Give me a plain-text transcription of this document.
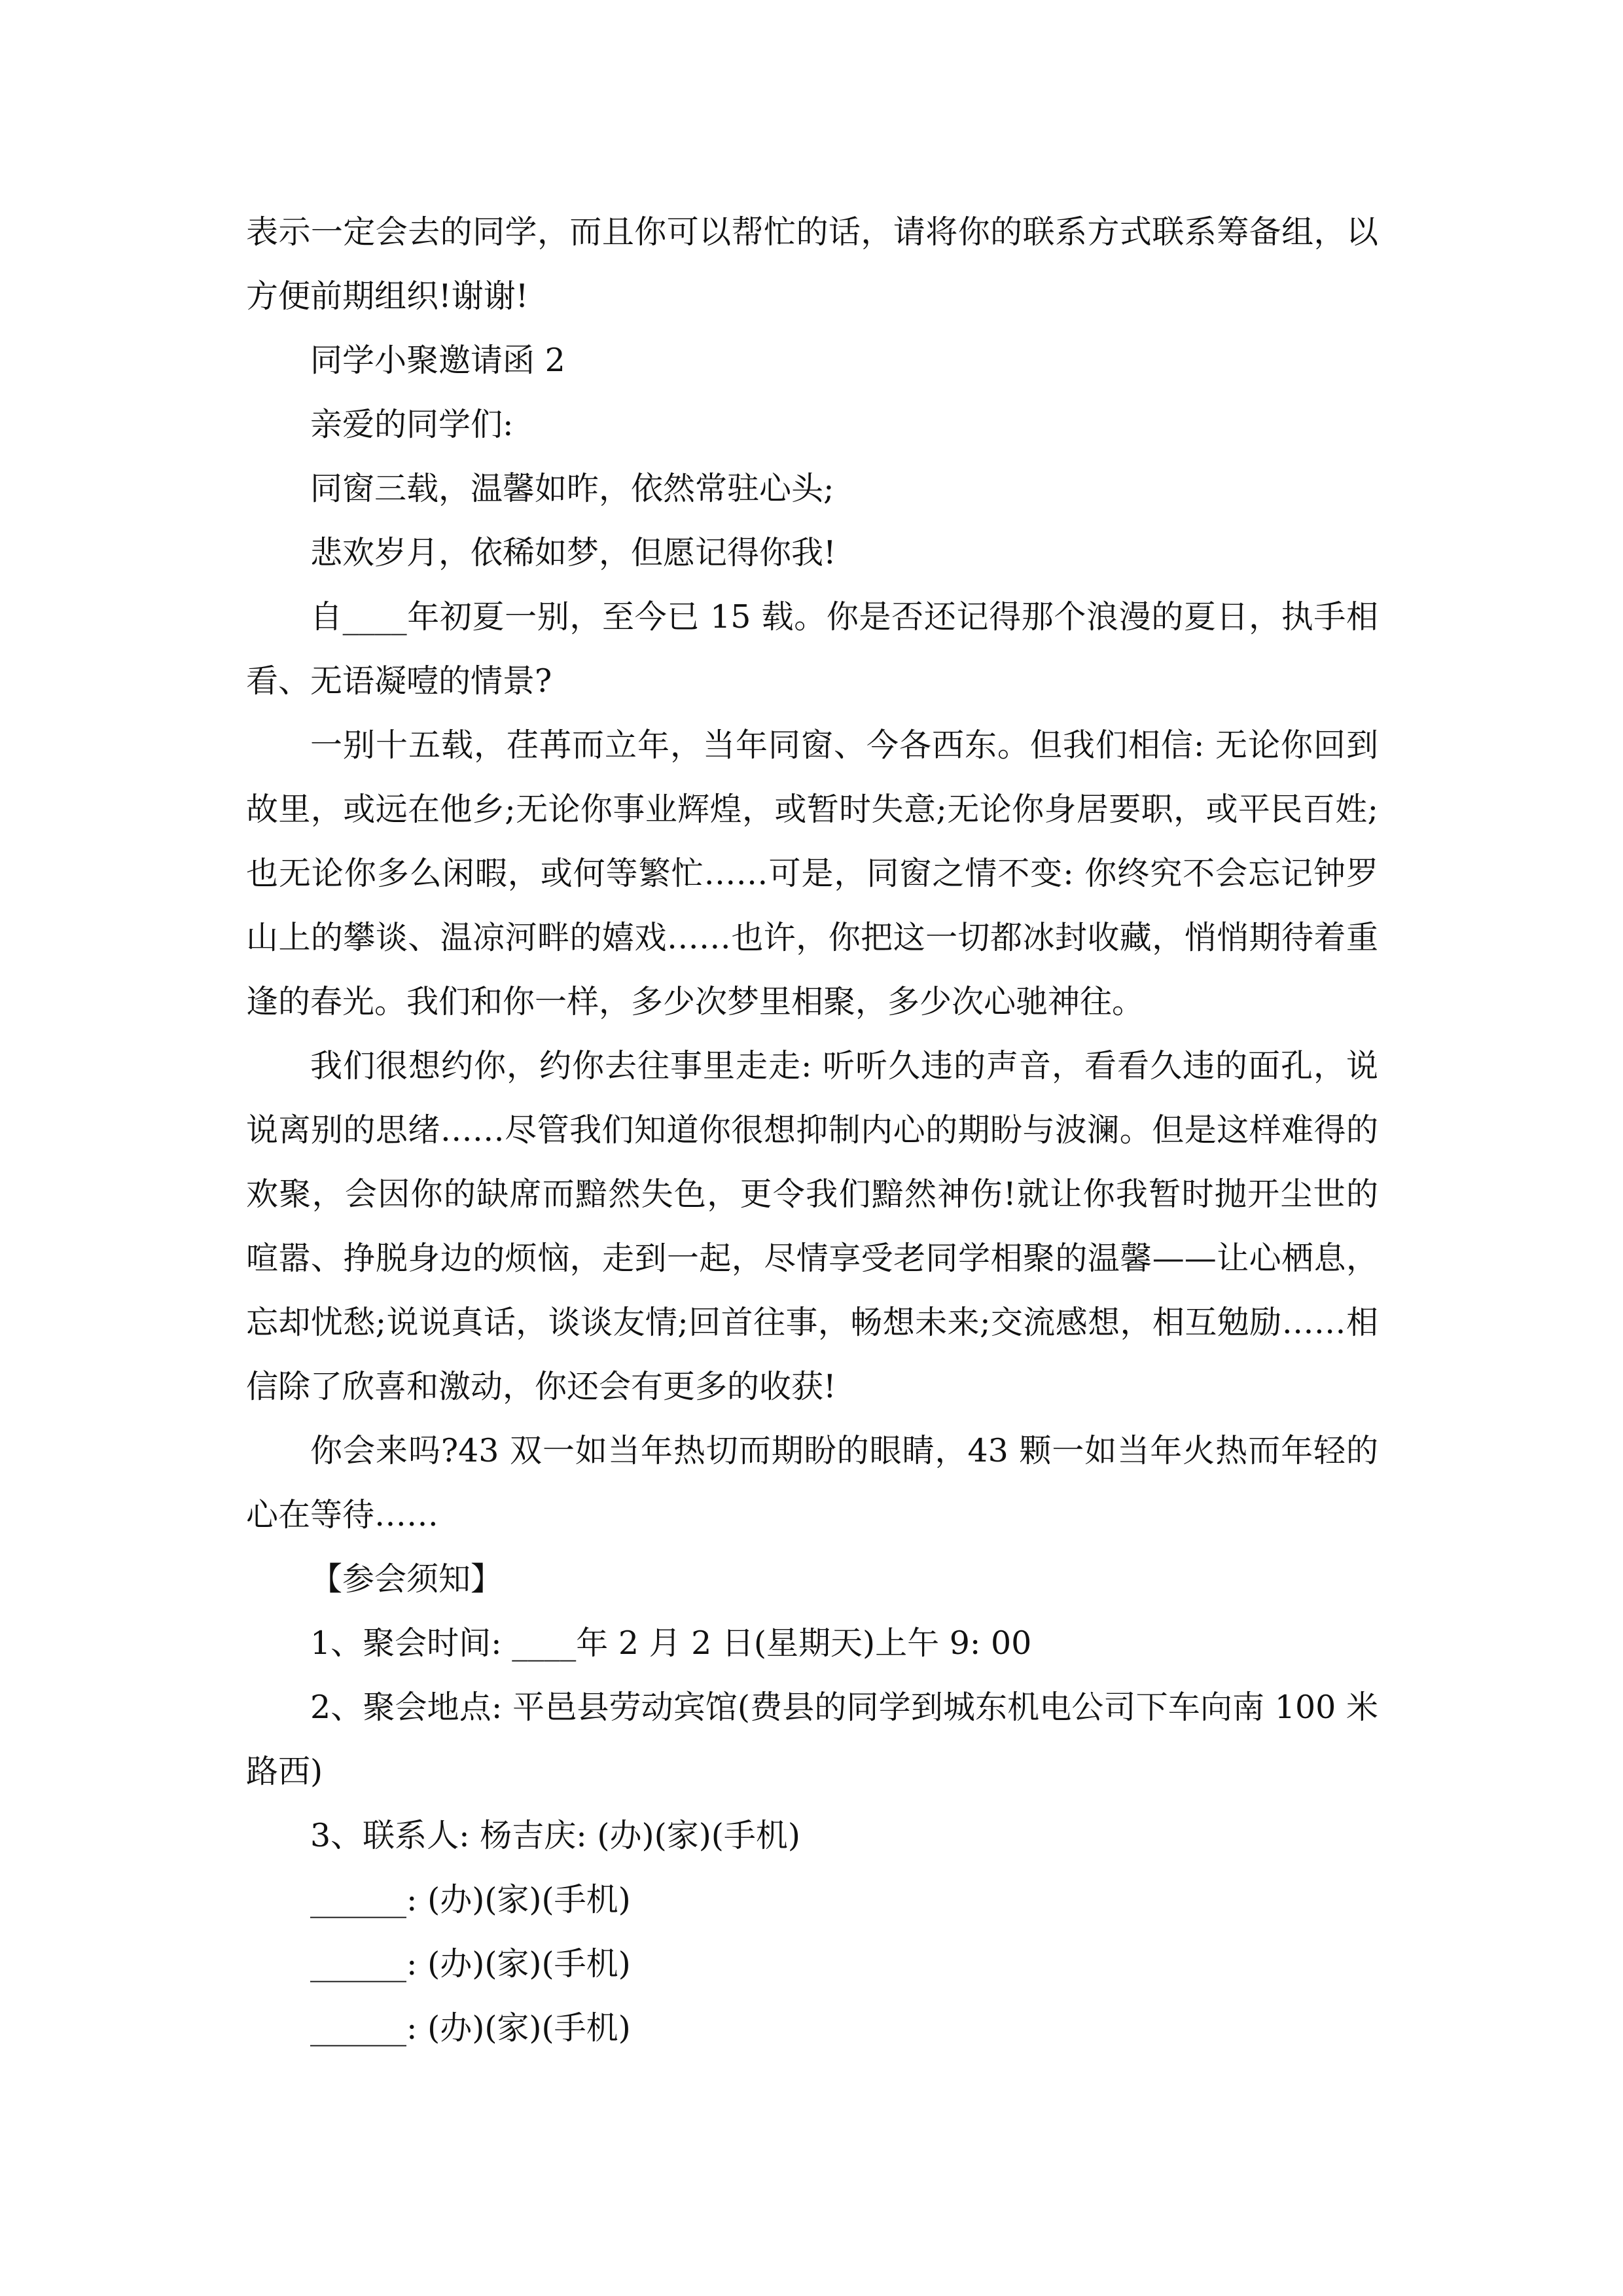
表示一定会去的同学，而且你可以帮忙的话，请将你的联系方式联系筹备组，以方便前期组织!谢谢!

同学小聚邀请函 2

亲爱的同学们:

同窗三载，温馨如昨，依然常驻心头;

悲欢岁月，依稀如梦，但愿记得你我!

自____年初夏一别，至今已 15 载。你是否还记得那个浪漫的夏日，执手相看、无语凝噎的情景?

一别十五载，荏苒而立年，当年同窗、今各西东。但我们相信: 无论你回到故里，或远在他乡;无论你事业辉煌，或暂时失意;无论你身居要职，或平民百姓;也无论你多么闲暇，或何等繁忙……可是，同窗之情不变: 你终究不会忘记钟罗山上的攀谈、温凉河畔的嬉戏……也许，你把这一切都冰封收藏，悄悄期待着重逢的春光。我们和你一样，多少次梦里相聚，多少次心驰神往。

我们很想约你，约你去往事里走走: 听听久违的声音，看看久违的面孔，说说离别的思绪……尽管我们知道你很想抑制内心的期盼与波澜。但是这样难得的欢聚，会因你的缺席而黯然失色，更令我们黯然神伤!就让你我暂时抛开尘世的喧嚣、挣脱身边的烦恼，走到一起，尽情享受老同学相聚的温馨——让心栖息，忘却忧愁;说说真话，谈谈友情;回首往事，畅想未来;交流感想，相互勉励……相信除了欣喜和激动，你还会有更多的收获!

你会来吗?43 双一如当年热切而期盼的眼睛，43 颗一如当年火热而年轻的心在等待……

【参会须知】

1、聚会时间: ____年 2 月 2 日(星期天)上午 9: 00

2、聚会地点: 平邑县劳动宾馆(费县的同学到城东机电公司下车向南 100 米路西)

3、联系人: 杨吉庆: (办)(家)(手机)

______: (办)(家)(手机)

______: (办)(家)(手机)

______: (办)(家)(手机)
